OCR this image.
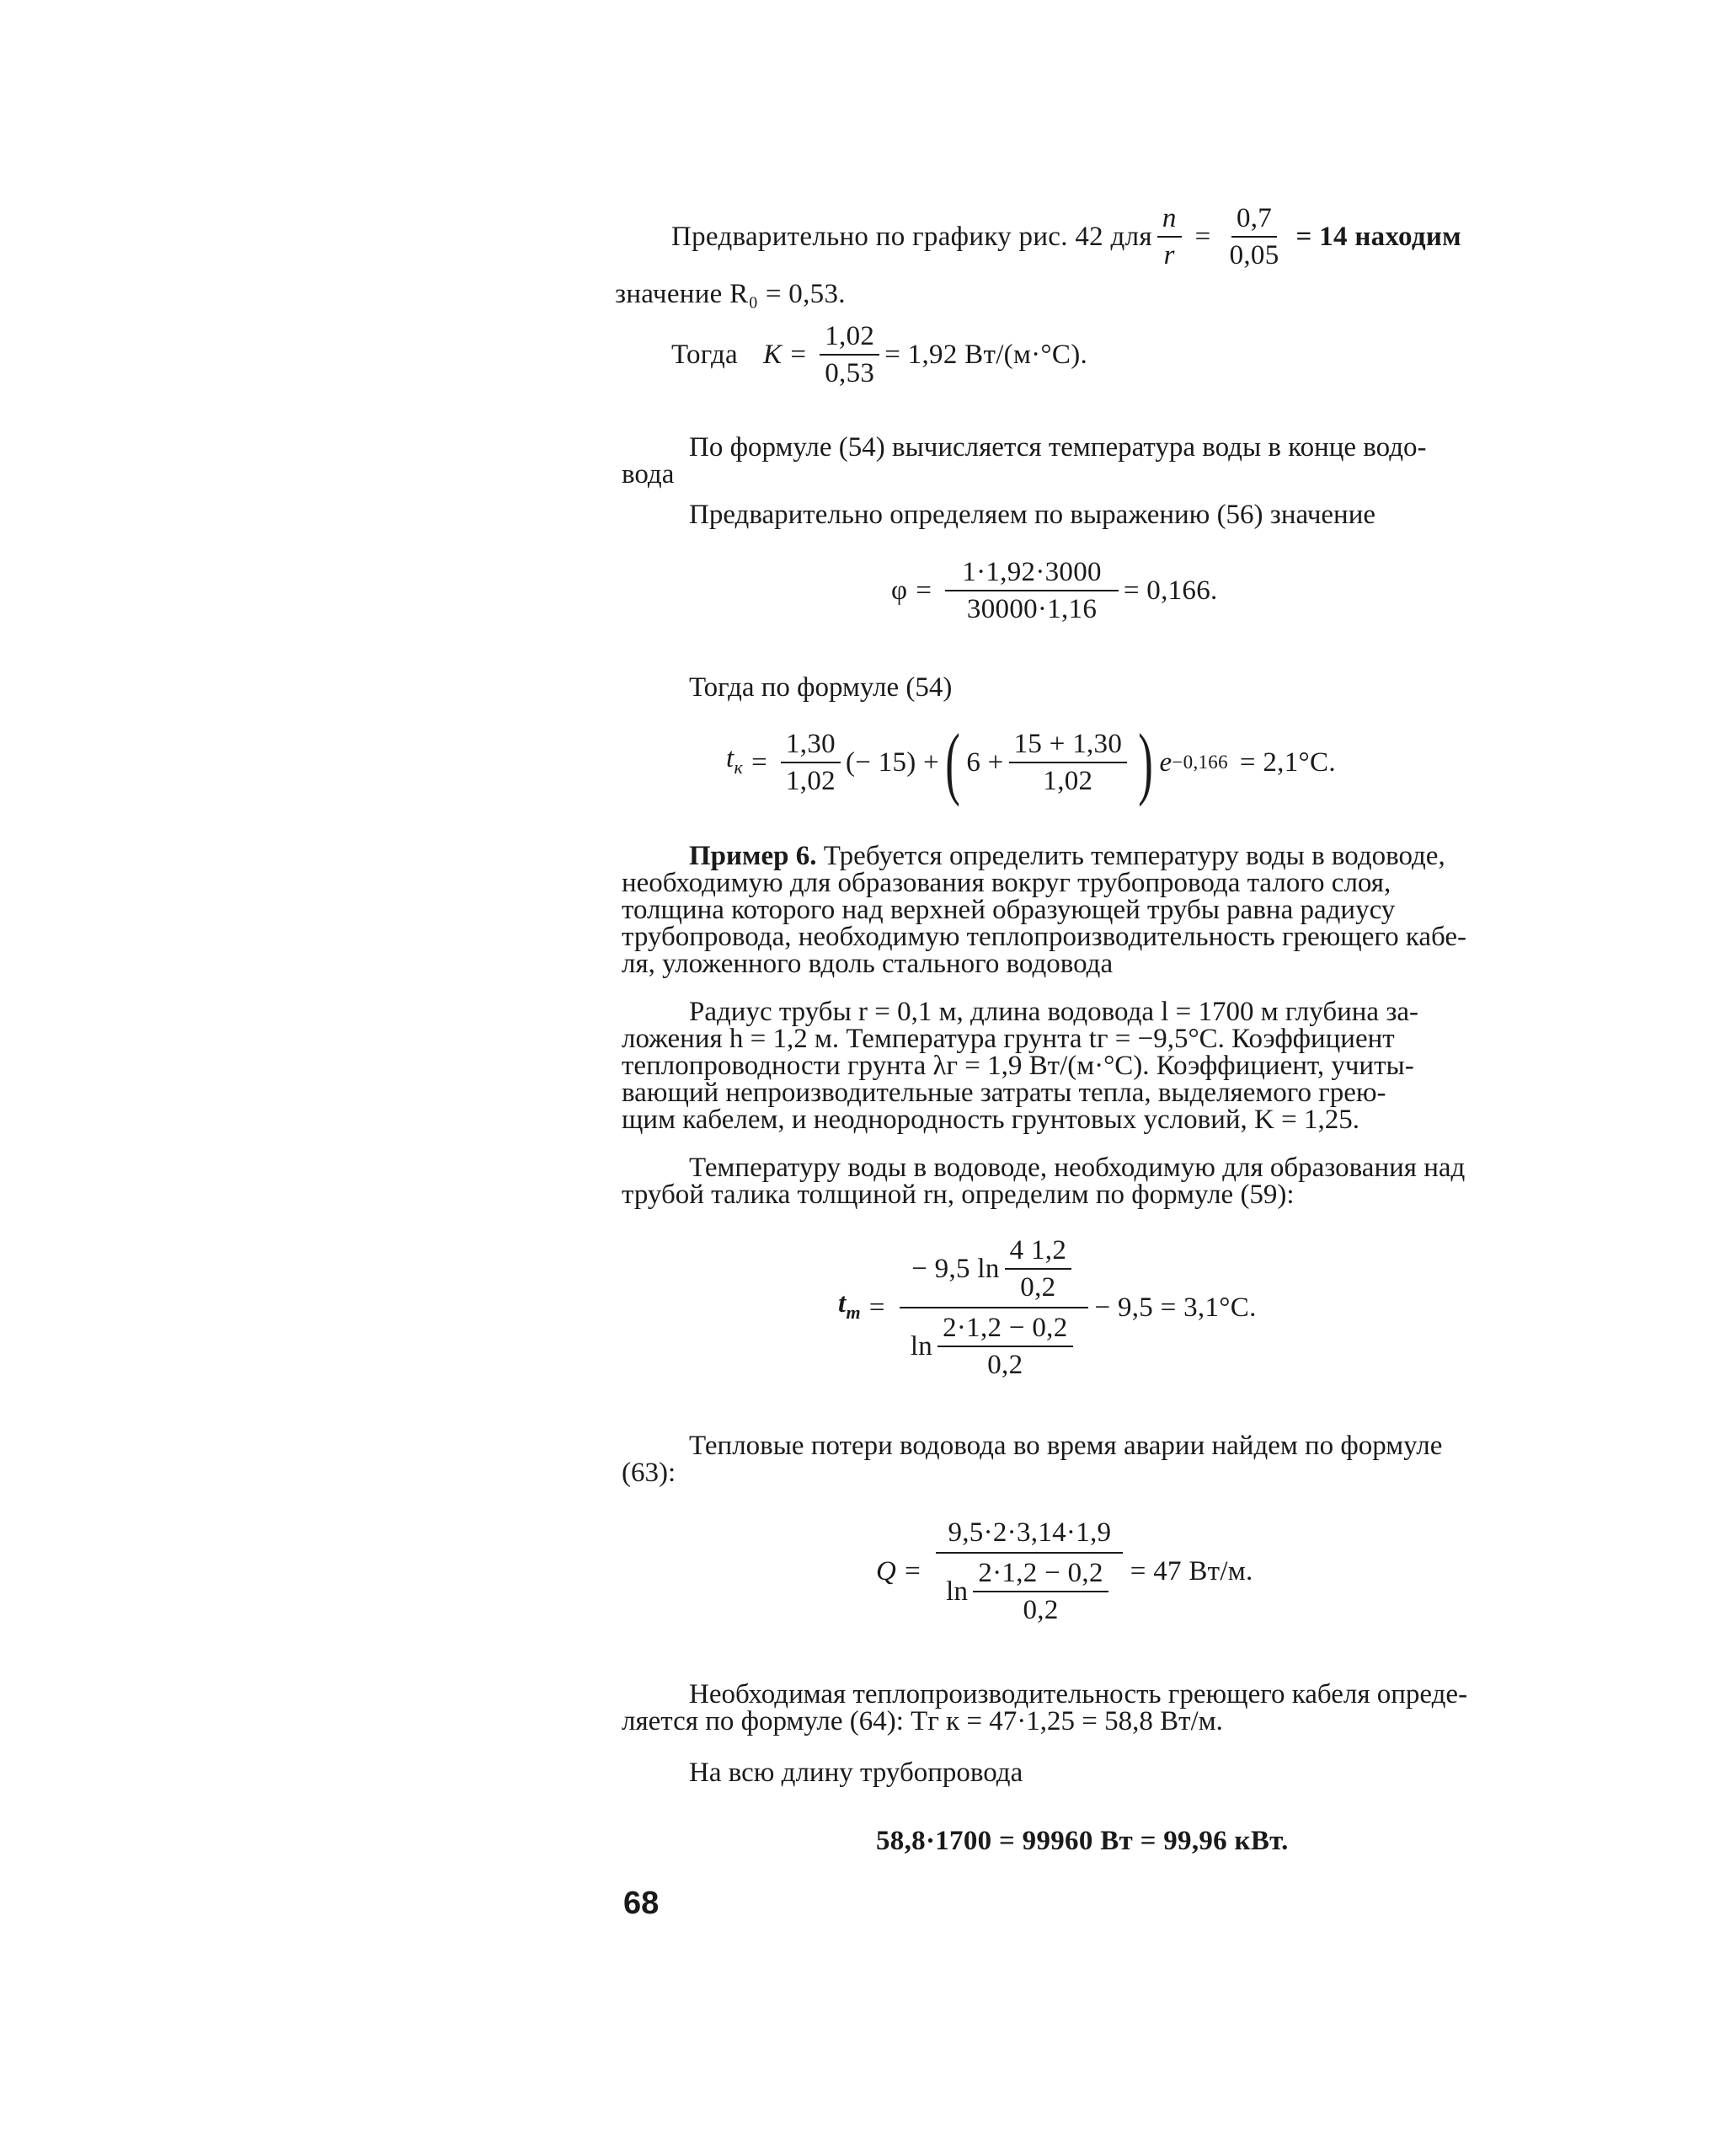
Предварительно по графику рис. 42 для $\frac{n}{r} = \frac{0,7}{0,05} = 14$ находим
значение R₀ = 0,53.
Тогда $K = \frac{1,02}{0,53} = 1,92$ Вт/(м·°C).
По формуле (54) вычисляется температура воды в конце водо-
вода
Предварительно определяем по выражению (56) значение
$\varphi = \frac{1\cdot 1,92\cdot 3000}{30000\cdot 1,16} = 0,166$.
Тогда по формуле (54)
$t_к = \frac{1,30}{1,02}$ (− 15) + ( $6 + \frac{15 + 1,30}{1,02}$ ) e −0,166 = 2,1°C.
Пример 6. Требуется определить температуру воды в водоводе,
необходимую для образования вокруг трубопровода талого слоя,
толщина которого над верхней образующей трубы равна радиусу
трубопровода, необходимую теплопроизводительность греющего кабе-
ля, уложенного вдоль стального водовода
Радиус трубы r = 0,1 м, длина водовода l = 1700 м глубина за-
ложения h = 1,2 м. Температура грунта tг = −9,5°C. Коэффициент
теплопроводности грунта λг = 1,9 Вт/(м·°C). Коэффициент, учиты-
вающий непроизводительные затраты тепла, выделяемого грею-
щим кабелем, и неоднородность грунтовых условий, K = 1,25.
Температуру воды в водоводе, необходимую для образования над
трубой талика толщиной rн, определим по формуле (59):
$t_т = \frac{- 9,5 \ln \frac{4 1,2}{0,2}}{\ln \frac{2\cdot 1,2 - 0,2}{0,2}} - 9,5 = 3,1^\circ C$.
Тепловые потери водовода во время аварии найдем по формуле
(63):
$Q = \frac{9,5\cdot 2\cdot 3,14\cdot 1,9}{\ln \frac{2\cdot 1,2 - 0,2}{0,2}} = 47$ Вт/м.
Необходимая теплопроизводительность греющего кабеля опреде-
ляется по формуле (64): Tг к = 47·1,25 = 58,8 Вт/м.
На всю длину трубопровода
58,8·1700 = 99960 Вт = 99,96 кВт.
68
